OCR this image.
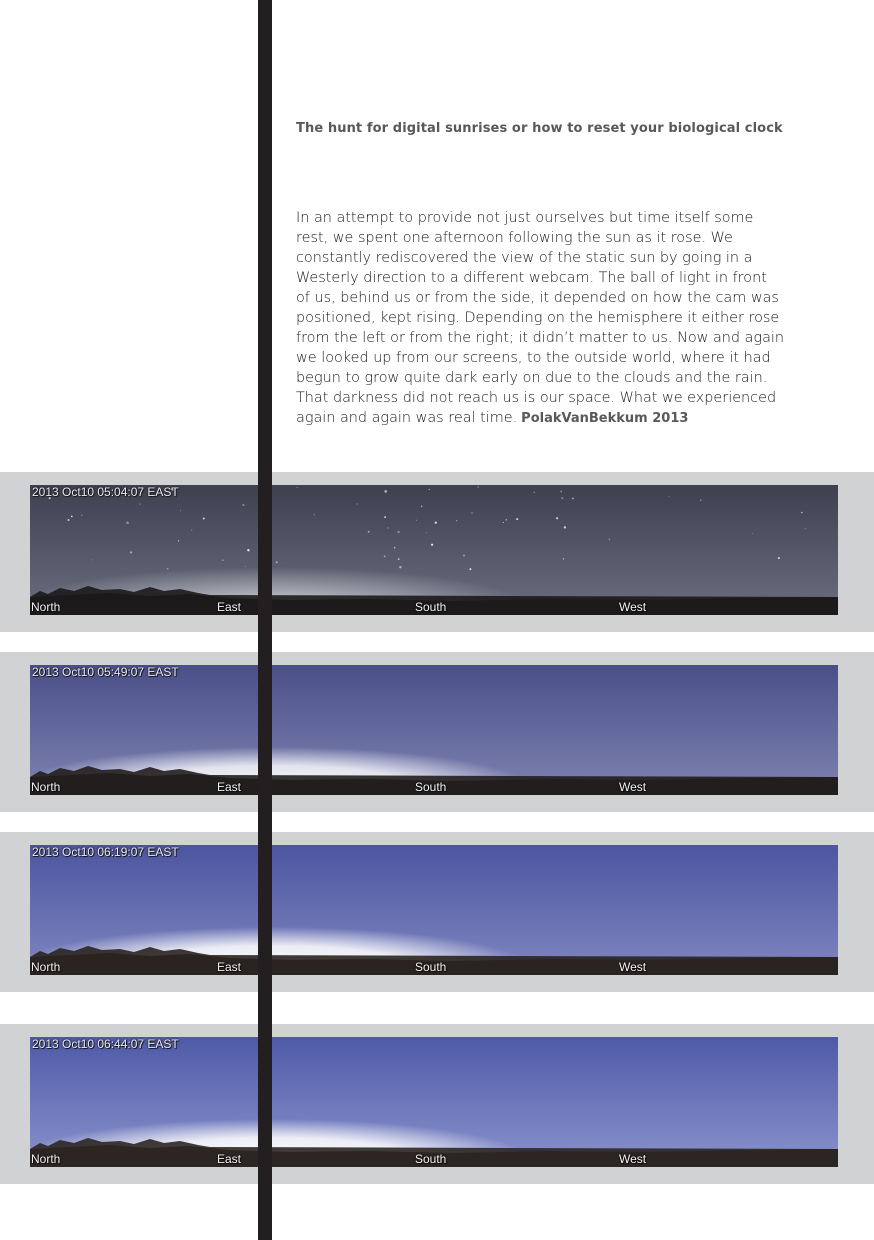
The hunt for digital sunrises or how to reset your biological clock
In an attempt to provide not just ourselves but time itself some
rest, we spent one afternoon following the sun as it rose. We
constantly rediscovered the view of the static sun by going in a
Westerly direction to a different webcam. The ball of light in front
of us, behind us or from the side, it depended on how the cam was
positioned, kept rising. Depending on the hemisphere it either rose
from the left or from the right; it didn’t matter to us. Now and again
we looked up from our screens, to the outside world, where it had
begun to grow quite dark early on due to the clouds and the rain.
That darkness did not reach us is our space. What we experienced
again and again was real time. PolakVanBekkum 2013
2013 Oct10 05:04:07 EAST
North	East	South	West
2013 Oct10 05:49:07 EAST
North	East	South	West
2013 Oct10 06:19:07 EAST
North	East	South	West
2013 Oct10 06:44:07 EAST
North	East	South	West
